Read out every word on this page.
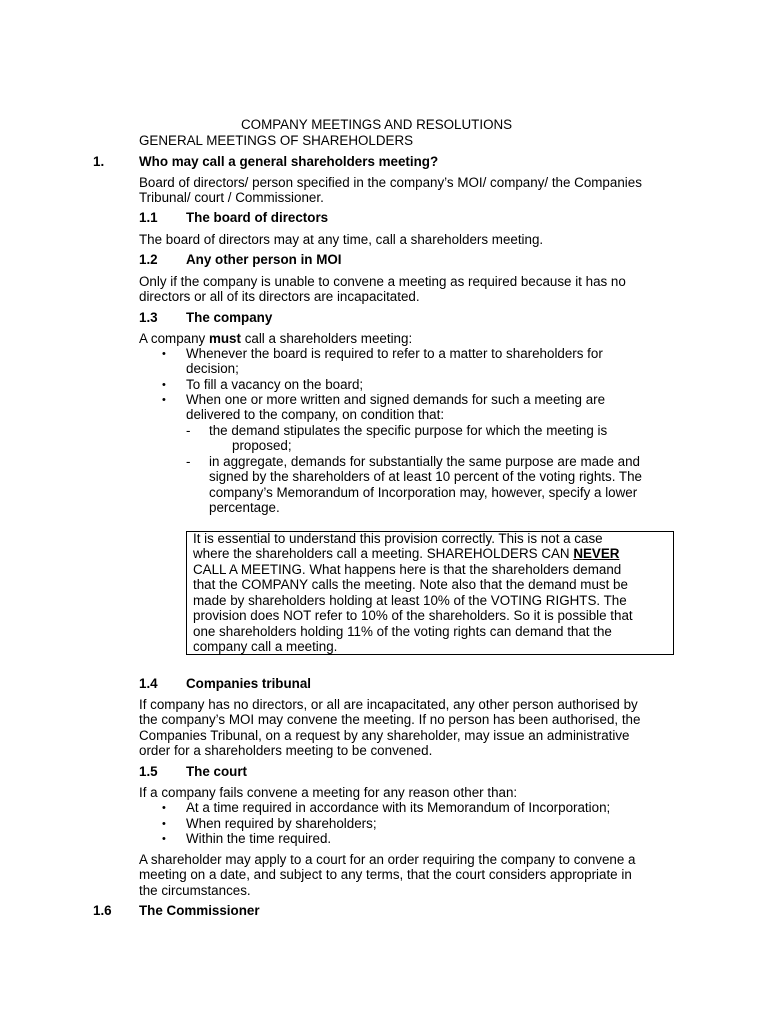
COMPANY MEETINGS AND RESOLUTIONS
GENERAL MEETINGS OF SHAREHOLDERS
1.	Who may call a general shareholders meeting?
Board of directors/ person specified in the company’s MOI/ company/ the Companies
Tribunal/ court / Commissioner.
1.1 The board of directors
The board of directors may at any time, call a shareholders meeting.
1.2 Any other person in MOI
Only if the company is unable to convene a meeting as required because it has no
directors or all of its directors are incapacitated.
1.3 The company
A company must call a shareholders meeting:
• Whenever the board is required to refer to a matter to shareholders for
decision;
• To fill a vacancy on the board;
• When one or more written and signed demands for such a meeting are
delivered to the company, on condition that:
- the demand stipulates the specific purpose for which the meeting is
proposed;
- in aggregate, demands for substantially the same purpose are made and
signed by the shareholders of at least 10 percent of the voting rights. The
company’s Memorandum of Incorporation may, however, specify a lower
percentage.
It is essential to understand this provision correctly. This is not a case
where the shareholders call a meeting. SHAREHOLDERS CAN NEVER
CALL A MEETING. What happens here is that the shareholders demand
that the COMPANY calls the meeting. Note also that the demand must be
made by shareholders holding at least 10% of the VOTING RIGHTS. The
provision does NOT refer to 10% of the shareholders. So it is possible that
one shareholders holding 11% of the voting rights can demand that the
company call a meeting.
1.4 Companies tribunal
If company has no directors, or all are incapacitated, any other person authorised by
the company’s MOI may convene the meeting. If no person has been authorised, the
Companies Tribunal, on a request by any shareholder, may issue an administrative
order for a shareholders meeting to be convened.
1.5 The court
If a company fails convene a meeting for any reason other than:
• At a time required in accordance with its Memorandum of Incorporation;
• When required by shareholders;
• Within the time required.
A shareholder may apply to a court for an order requiring the company to convene a
meeting on a date, and subject to any terms, that the court considers appropriate in
the circumstances.
1.6 The Commissioner
